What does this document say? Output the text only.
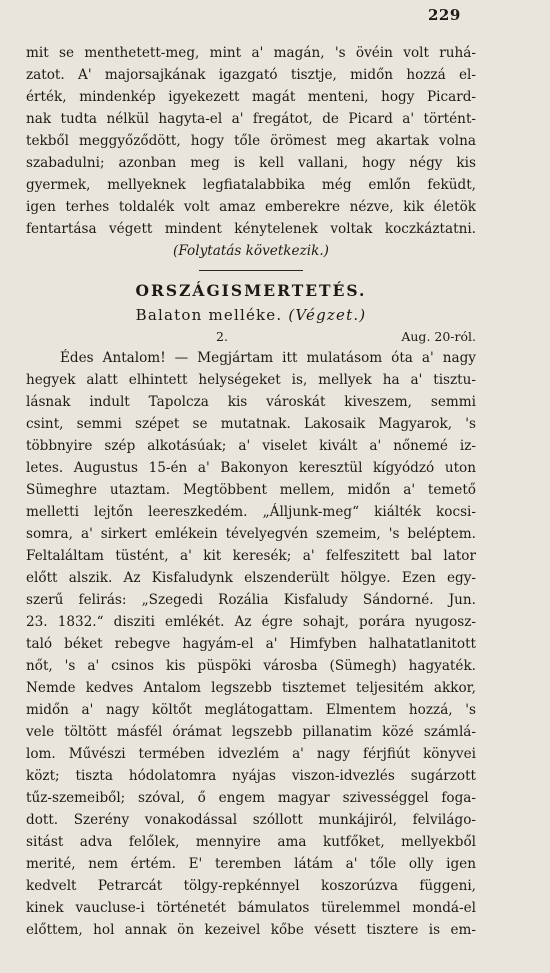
229
mit se menthetett-meg, mint a' magán, 's övéin volt ruhá-
zatot. A' majorsajkának igazgató tisztje, midőn hozzá el-
érték, mindenkép igyekezett magát menteni, hogy Picard-
nak tudta nélkül hagyta-el a' fregátot, de Picard a' történt-
tekből meggyőződött, hogy tőle örömest meg akartak volna
szabadulni; azonban meg is kell vallani, hogy négy kis
gyermek, mellyeknek legfiatalabbika még emlőn feküdt,
igen terhes toldalék volt amaz emberekre nézve, kik életök
fentartása végett mindent kénytelenek voltak koczkáztatni.
(Folytatás következik.)
ORSZÁGISMERTETÉS.
Balaton melléke. (Végzet.)
2.	Aug. 20-ról.
Édes Antalom! — Megjártam itt mulatásom óta a' nagy
hegyek alatt elhintett helységeket is, mellyek ha a' tisztu-
lásnak indult Tapolcza kis városkát kiveszem, semmi
csint, semmi szépet se mutatnak. Lakosaik Magyarok, 's
többnyire szép alkotásúak; a' viselet kivált a' nőnemé iz-
letes. Augustus 15-én a' Bakonyon keresztül kígyódzó uton
Sümeghre utaztam. Megtöbbent mellem, midőn a' temető
melletti lejtőn leereszkedém. „Álljunk-meg“ kiálték kocsi-
somra, a' sirkert emlékein tévelyegvén szemeim, 's beléptem.
Feltaláltam tüstént, a' kit keresék; a' felfeszitett bal lator
előtt alszik. Az Kisfaludynk elszenderült hölgye. Ezen egy-
szerű felirás: „Szegedi Rozália Kisfaludy Sándorné. Jun.
23. 1832.“ disziti emlékét. Az égre sohajt, porára nyugosz-
taló béket rebegve hagyám-el a' Himfyben halhatatlanitott
nőt, 's a' csinos kis püspöki városba (Sümegh) hagyaték.
Nemde kedves Antalom legszebb tisztemet teljesitém akkor,
midőn a' nagy költőt meglátogattam. Elmentem hozzá, 's
vele töltött másfél órámat legszebb pillanatim közé számlá-
lom. Művészi termében idvezlém a' nagy férjfiút könyvei
közt; tiszta hódolatomra nyájas viszon-idvezlés sugárzott
tűz-szemeiből; szóval, ő engem magyar szivességgel foga-
dott. Szerény vonakodással szóllott munkájiról, felvilágo-
sitást adva felőlek, mennyire ama kutfőket, mellyekből
merité, nem értém. E' teremben látám a' tőle olly igen
kedvelt Petrarcát tölgy-repkénnyel koszorúzva függeni,
kinek vaucluse-i történetét bámulatos türelemmel mondá-el
előttem, hol annak ön kezeivel kőbe vésett tisztere is em-
